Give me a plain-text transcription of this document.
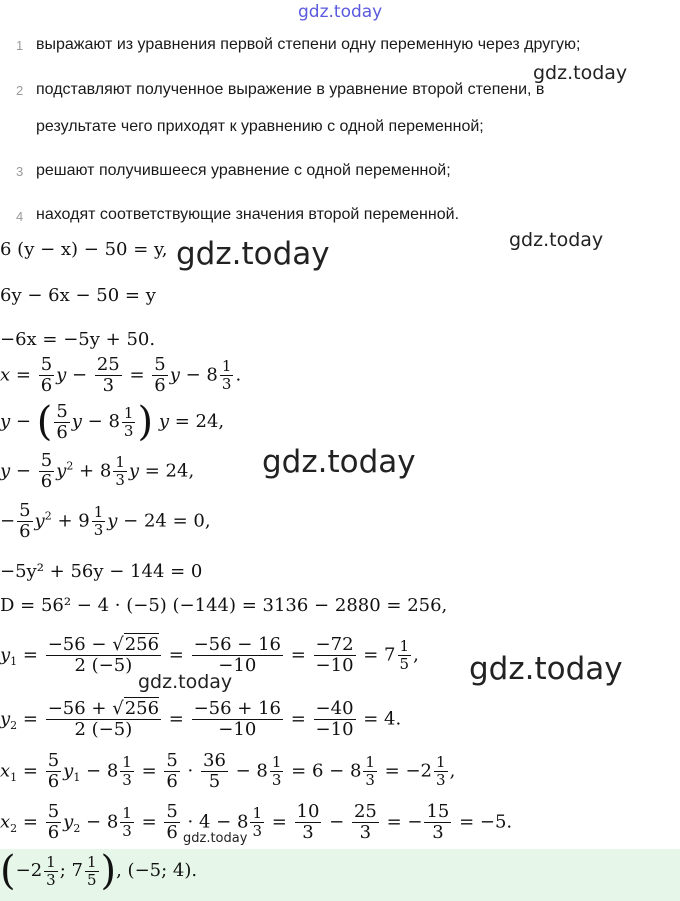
gdz.today
gdz.today
gdz.today
gdz.today
gdz.today
gdz.today
gdz.today
gdz.today
1 выражают из уравнения первой степени одну переменную через другую;
2 подставляют полученное выражение в уравнение второй степени, в
результате чего приходят к уравнению с одной переменной;
3 решают получившееся уравнение с одной переменной;
4 находят соответствующие значения второй переменной.
6 (y − x) − 50 = y,
6y − 6x − 50 = y
−6x = −5y + 50.
$x = \frac{5}{6}$ $y - \frac{25}{3} = \frac{5}{6}$ $y - 8 \frac{1}{3}$ .
y − ( 5
6 y − 8 1
3 )
y = 24,
$y - \frac{5}{6} y^2 + 8 \frac{1}{3}$ y = 24,
− $\frac{5}{6} y^2 + 9 \frac{1}{3}$ y − 24 = 0,
−5y² + 56y − 144 = 0
D = 56² − 4 · (−5) (−144) = 3136 − 2880 = 256,
$y_1 = \frac{-56 - √256}{2 (-5)} = \frac{-56 - 16}{-10} = \frac{-72}{-10} = 7 \frac{1}{5}$ ,
$y_2 = \frac{-56 + √256}{2 (-5)} = \frac{-56 + 16}{-10} = \frac{-40}{-10} = 4$.
$x_1 = \frac{5}{6} y_1 - 8 \frac{1}{3} = \frac{5}{6} \cdot \frac{36}{5} - 8 \frac{1}{3} = 6 - 8 \frac{1}{3} = -2 \frac{1}{3}$ ,
$x_2 = \frac{5}{6} y_2 - 8 \frac{1}{3} = \frac{5}{6} \cdot 4 - 8 \frac{1}{3} = \frac{10}{3} - \frac{25}{3}$ = − $\frac{15}{3} = -5$.
( −2 1
3 ; 7 1
5 ) , (−5; 4).
